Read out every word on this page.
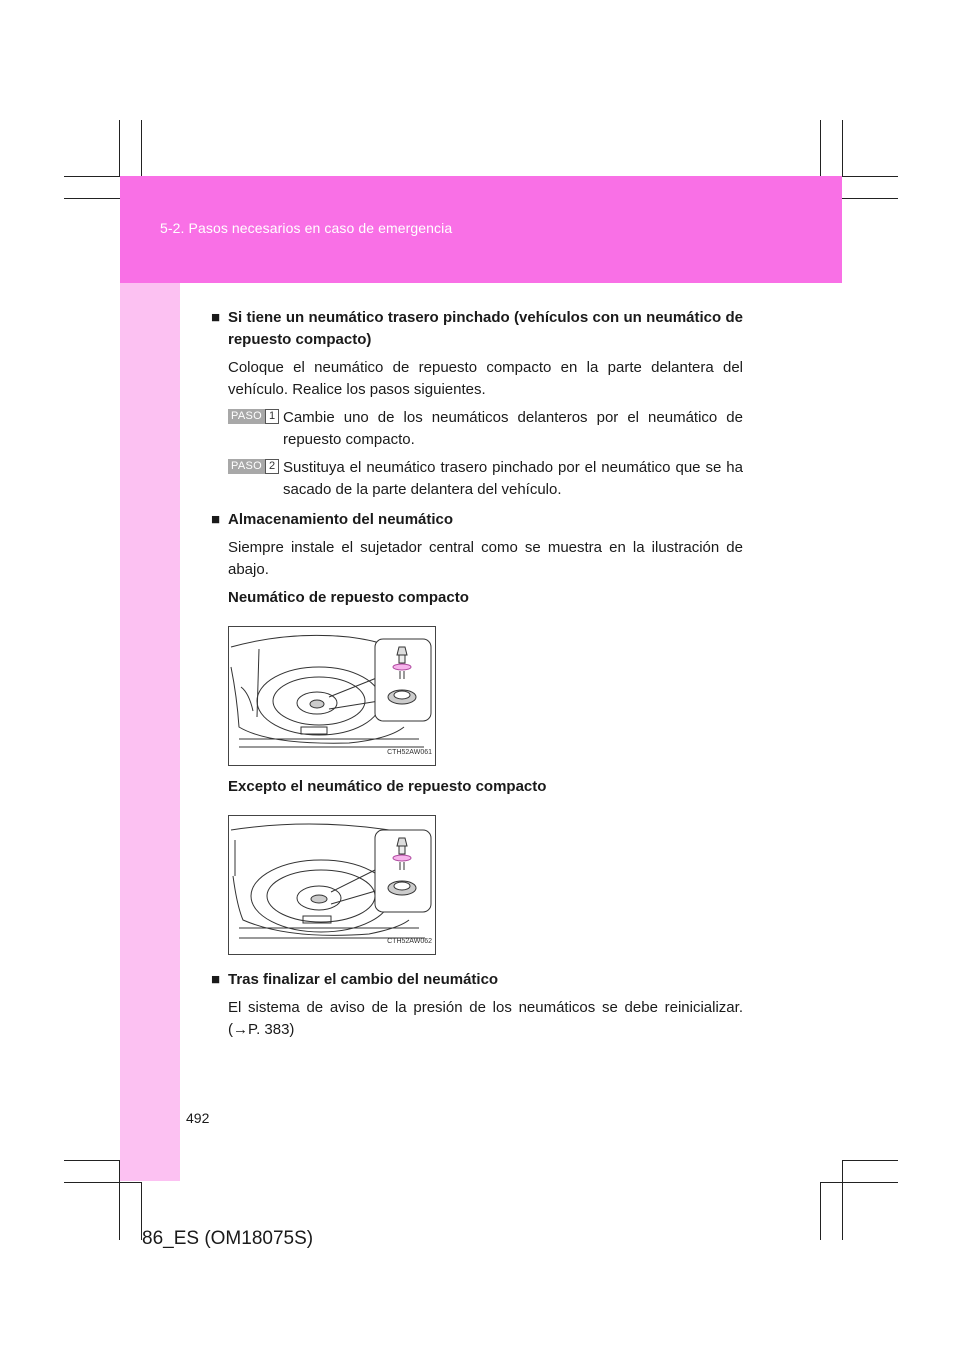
5-2. Pasos necesarios en caso de emergencia
■ Si tiene un neumático trasero pinchado (vehículos con un neumático de repuesto compacto)
Coloque el neumático de repuesto compacto en la parte delantera del vehículo. Realice los pasos siguientes.
PASO 1 Cambie uno de los neumáticos delanteros por el neumático de repuesto compacto.
PASO 2 Sustituya el neumático trasero pinchado por el neumático que se ha sacado de la parte delantera del vehículo.
■ Almacenamiento del neumático
Siempre instale el sujetador central como se muestra en la ilustración de abajo.
Neumático de repuesto compacto
CTH52AW061
Excepto el neumático de repuesto compacto
CTH52AW062
■ Tras finalizar el cambio del neumático
El sistema de aviso de la presión de los neumáticos se debe reinicializar. (→P. 383)
492
86_ES (OM18075S)
